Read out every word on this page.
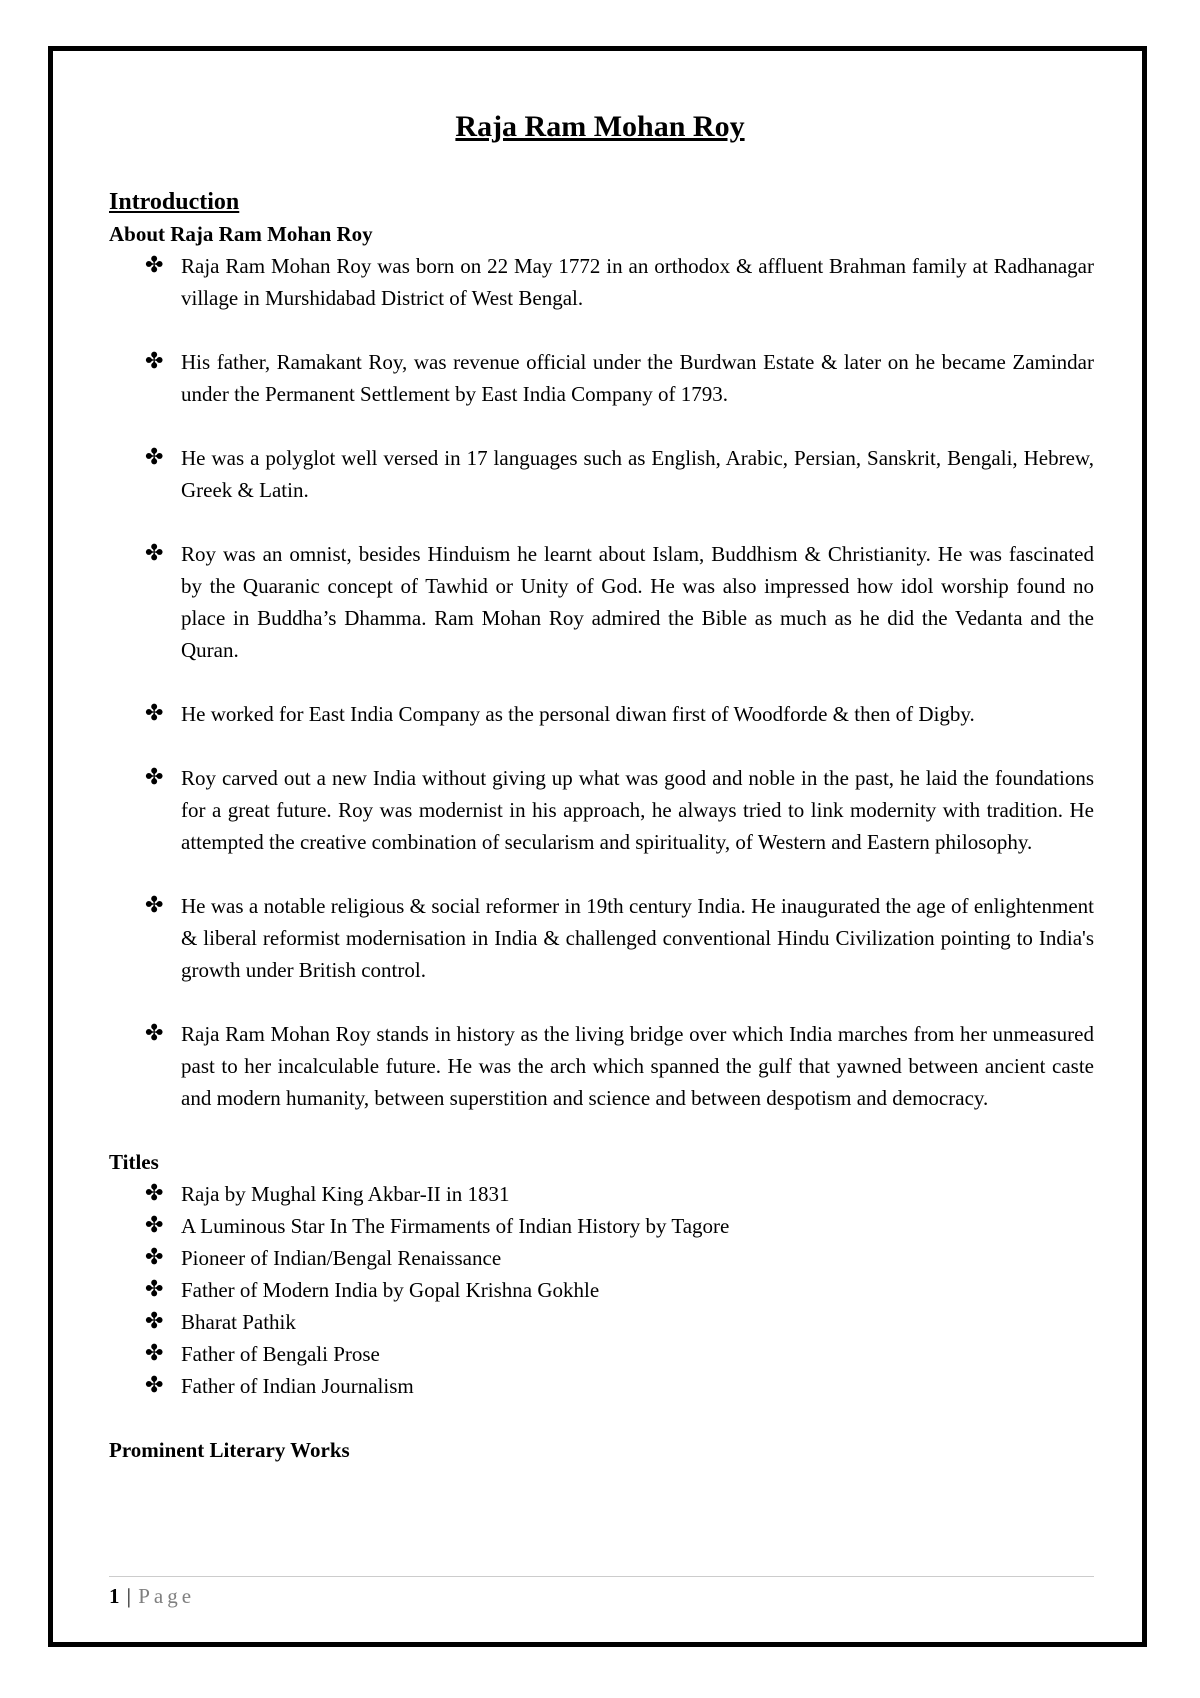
Raja Ram Mohan Roy
Introduction
About Raja Ram Mohan Roy
✤ Raja Ram Mohan Roy was born on 22 May 1772 in an orthodox & affluent Brahman family at Radhanagar village in Murshidabad District of West Bengal.
✤ His father, Ramakant Roy, was revenue official under the Burdwan Estate & later on he became Zamindar under the Permanent Settlement by East India Company of 1793.
✤ He was a polyglot well versed in 17 languages such as English, Arabic, Persian, Sanskrit, Bengali, Hebrew, Greek & Latin.
✤ Roy was an omnist, besides Hinduism he learnt about Islam, Buddhism & Christianity. He was fascinated by the Quaranic concept of Tawhid or Unity of God. He was also impressed how idol worship found no place in Buddha’s Dhamma. Ram Mohan Roy admired the Bible as much as he did the Vedanta and the Quran.
✤ He worked for East India Company as the personal diwan first of Woodforde & then of Digby.
✤ Roy carved out a new India without giving up what was good and noble in the past, he laid the foundations for a great future. Roy was modernist in his approach, he always tried to link modernity with tradition. He attempted the creative combination of secularism and spirituality, of Western and Eastern philosophy.
✤ He was a notable religious & social reformer in 19th century India. He inaugurated the age of enlightenment & liberal reformist modernisation in India & challenged conventional Hindu Civilization pointing to India's growth under British control.
✤ Raja Ram Mohan Roy stands in history as the living bridge over which India marches from her unmeasured past to her incalculable future. He was the arch which spanned the gulf that yawned between ancient caste and modern humanity, between superstition and science and between despotism and democracy.
Titles
✤ Raja by Mughal King Akbar-II in 1831
✤ A Luminous Star In The Firmaments of Indian History by Tagore
✤ Pioneer of Indian/Bengal Renaissance
✤ Father of Modern India by Gopal Krishna Gokhle
✤ Bharat Pathik
✤ Father of Bengali Prose
✤ Father of Indian Journalism
Prominent Literary Works
1 | Page
